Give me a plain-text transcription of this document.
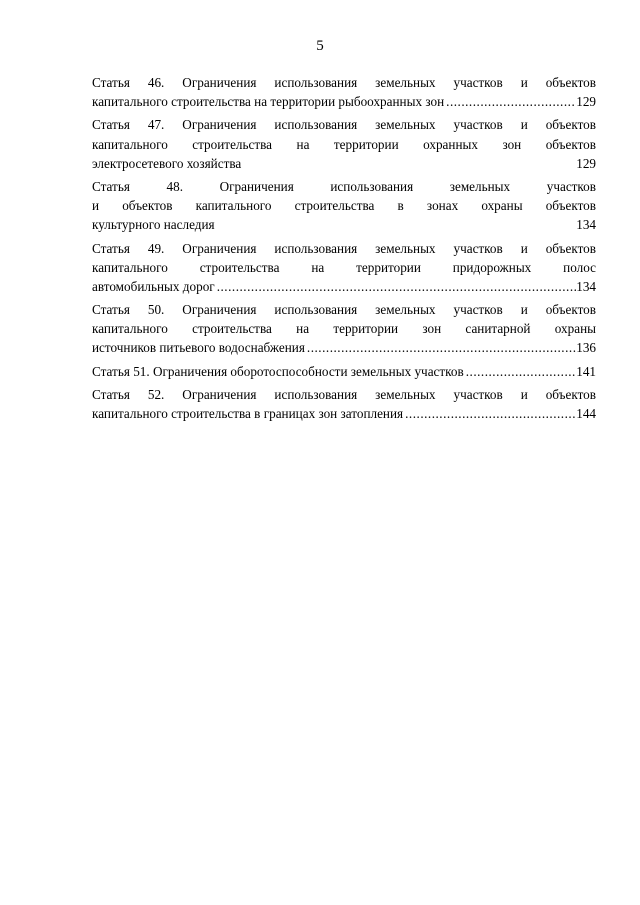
5
Статья 46. Ограничения использования земельных участков и объектов
капитального строительства на территории рыбоохранных зон .....	129
Статья 47. Ограничения использования земельных участков и объектов
капитального строительства на территории охранных зон объектов
электросетевого хозяйства	129
Статья 48. Ограничения использования земельных участков
и объектов капитального строительства в зонах охраны объектов
культурного наследия	134
Статья 49. Ограничения использования земельных участков и объектов
капитального строительства на территории придорожных полос
автомобильных дорог .....	134
Статья 50. Ограничения использования земельных участков и объектов
капитального строительства на территории зон санитарной охраны
источников питьевого водоснабжения .....	136
Статья 51. Ограничения оборотоспособности земельных участков .....	141
Статья 52. Ограничения использования земельных участков и объектов
капитального строительства в границах зон затопления .....	144
